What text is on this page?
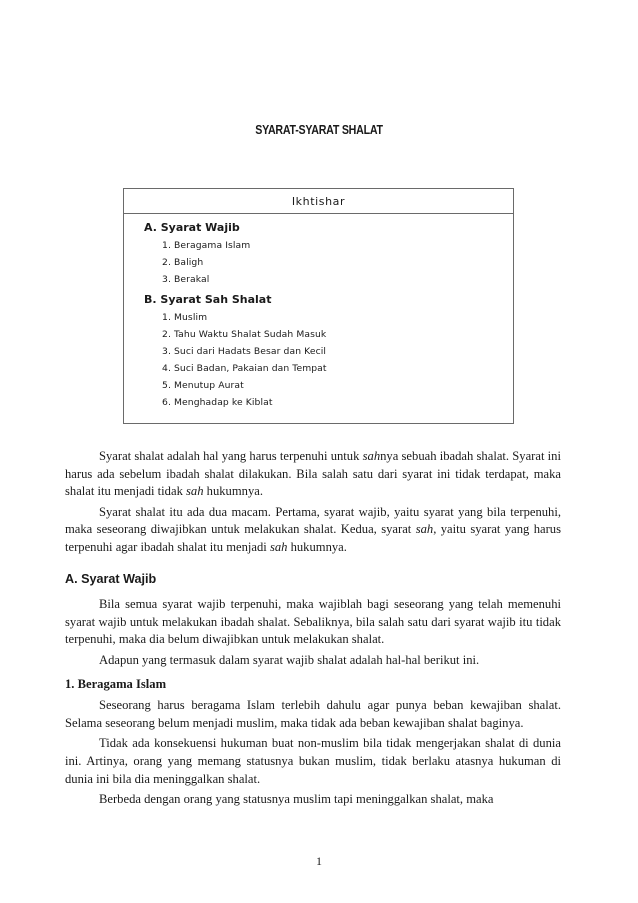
SYARAT-SYARAT SHALAT
Ikhtishar

A. Syarat Wajib

1. Beragama Islam
2. Baligh
3. Berakal

B. Syarat Sah Shalat

1. Muslim
2. Tahu Waktu Shalat Sudah Masuk
3. Suci dari Hadats Besar dan Kecil
4. Suci Badan, Pakaian dan Tempat
5. Menutup Aurat
6. Menghadap ke Kiblat

Syarat shalat adalah hal yang harus terpenuhi untuk sahnya sebuah ibadah shalat. Syarat ini harus ada sebelum ibadah shalat dilakukan. Bila salah satu dari syarat ini tidak terdapat, maka shalat itu menjadi tidak sah hukumnya.

Syarat shalat itu ada dua macam. Pertama, syarat wajib, yaitu syarat yang bila terpenuhi, maka seseorang diwajibkan untuk melakukan shalat. Kedua, syarat sah, yaitu syarat yang harus terpenuhi agar ibadah shalat itu menjadi sah hukumnya.

A. Syarat Wajib

Bila semua syarat wajib terpenuhi, maka wajiblah bagi seseorang yang telah memenuhi syarat wajib untuk melakukan ibadah shalat. Sebaliknya, bila salah satu dari syarat wajib itu tidak terpenuhi, maka dia belum diwajibkan untuk melakukan shalat.

Adapun yang termasuk dalam syarat wajib shalat adalah hal-hal berikut ini.

1. Beragama Islam

Seseorang harus beragama Islam terlebih dahulu agar punya beban kewajiban shalat. Selama seseorang belum menjadi muslim, maka tidak ada beban kewajiban shalat baginya.

Tidak ada konsekuensi hukuman buat non-muslim bila tidak mengerjakan shalat di dunia ini. Artinya, orang yang memang statusnya bukan muslim, tidak berlaku atasnya hukuman di dunia ini bila dia meninggalkan shalat.

Berbeda dengan orang yang statusnya muslim tapi meninggalkan shalat, maka

1
